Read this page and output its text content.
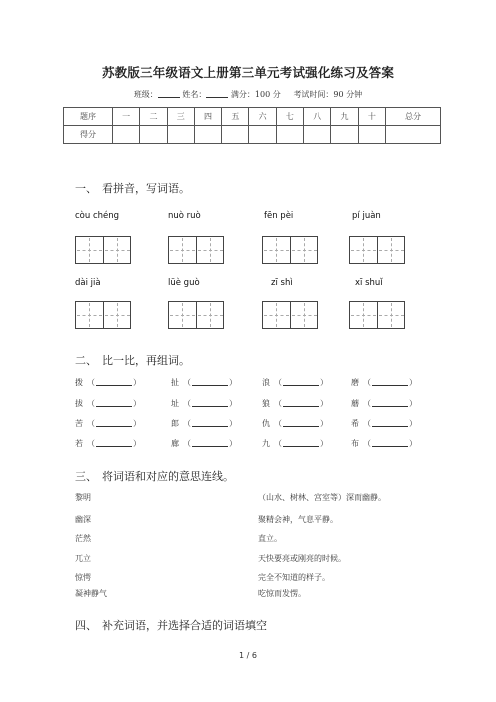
苏教版三年级语文上册第三单元考试强化练习及答案
班级：	姓名：	满分：100 分 考试时间：90 分钟
题序	一	二	三	四	五	六	七	八	九	十	总分
得分											
一、 看拼音，写词语。
còu chéng	nuò ruò	fēn pèi	pí juàn
dài jià	lüè guò	zī shì	xī shuǐ
二、 比一比，再组词。
拨 （	）	扯 （	）	浪 （	）	磨 （	）
拔 （	）	址 （	）	狼 （	）	蘑 （	）
苦 （	）	郎 （	）	仇 （	）	希 （	）
若 （	）	廊 （	）	九 （	）	布 （	）
三、 将词语和对应的意思连线。
黎明
幽深
茫然
兀立
惊愕
凝神静气
（山水、树林、宫室等）深而幽静。
聚精会神，气息平静。
直立。
天快要亮或刚亮的时候。
完全不知道的样子。
吃惊而发愣。
四、 补充词语，并选择合适的词语填空
1 / 6
